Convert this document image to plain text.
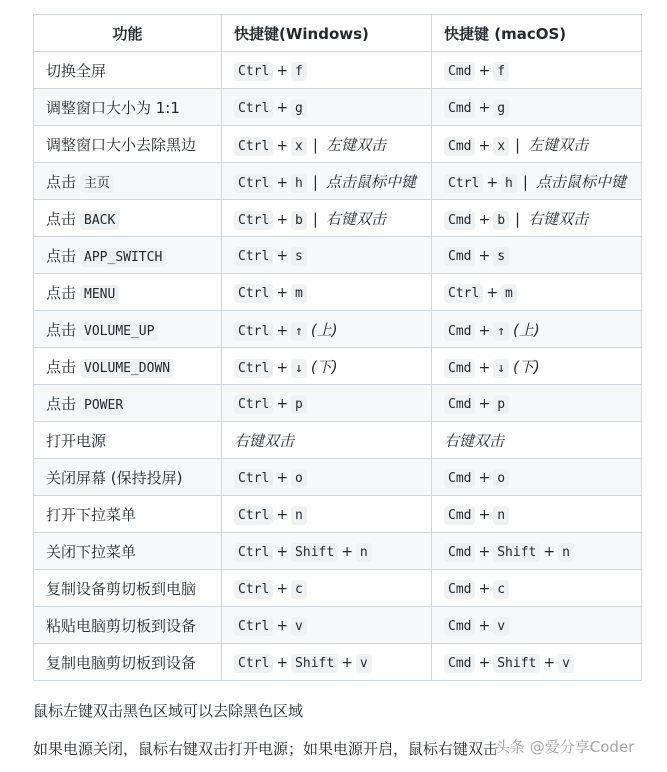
功能	快捷键(Windows)	快捷键 (macOS)
切换全屏	Ctrl + f	Cmd + f
调整窗口大小为 1:1	Ctrl + g	Cmd + g
调整窗口大小去除黑边	Ctrl + x | 左键双击	Cmd + x | 左键双击
点击 主页	Ctrl + h | 点击鼠标中键	Ctrl + h | 点击鼠标中键
点击 BACK	Ctrl + b | 右键双击	Cmd + b | 右键双击
点击 APP_SWITCH	Ctrl + s	Cmd + s
点击 MENU	Ctrl + m	Ctrl + m
点击 VOLUME_UP	Ctrl + ↑ (上)	Cmd + ↑ (上)
点击 VOLUME_DOWN	Ctrl + ↓ (下)	Cmd + ↓ (下)
点击 POWER	Ctrl + p	Cmd + p
打开电源	右键双击	右键双击
关闭屏幕 (保持投屏)	Ctrl + o	Cmd + o
打开下拉菜单	Ctrl + n	Cmd + n
关闭下拉菜单	Ctrl + Shift + n	Cmd + Shift + n
复制设备剪切板到电脑	Ctrl + c	Cmd + c
粘贴电脑剪切板到设备	Ctrl + v	Cmd + v
复制电脑剪切板到设备	Ctrl + Shift + v	Cmd + Shift + v
鼠标左键双击黑色区域可以去除黑色区域
如果电源关闭，鼠标右键双击打开电源；如果电源开启，鼠标右键双击
头条 @爱分享Coder
